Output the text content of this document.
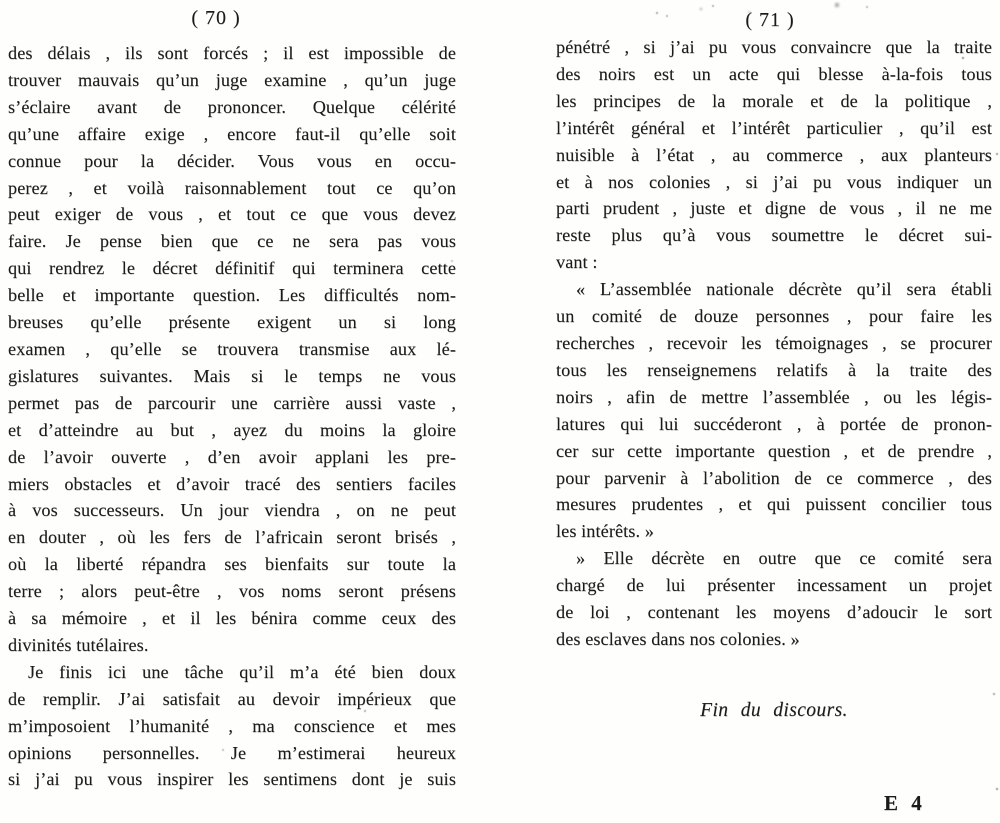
( 70 )	( 71 )
des délais , ils sont forcés ; il est impossible de
trouver mauvais qu’un juge examine , qu’un juge
s’éclaire avant de prononcer. Quelque célérité
qu’une affaire exige , encore faut-il qu’elle soit
connue pour la décider. Vous vous en occu-
perez , et voilà raisonnablement tout ce qu’on
peut exiger de vous , et tout ce que vous devez
faire. Je pense bien que ce ne sera pas vous
qui rendrez le décret définitif qui terminera cette
belle et importante question. Les difficultés nom-
breuses qu’elle présente exigent un si long
examen , qu’elle se trouvera transmise aux lé-
gislatures suivantes. Mais si le temps ne vous
permet pas de parcourir une carrière aussi vaste ,
et d’atteindre au but , ayez du moins la gloire
de l’avoir ouverte , d’en avoir applani les pre-
miers obstacles et d’avoir tracé des sentiers faciles
à vos successeurs. Un jour viendra , on ne peut
en douter , où les fers de l’africain seront brisés ,
où la liberté répandra ses bienfaits sur toute la
terre ; alors peut-être , vos noms seront présens
à sa mémoire , et il les bénira comme ceux des
divinités tutélaires.
Je finis ici une tâche qu’il m’a été bien doux
de remplir. J’ai satisfait au devoir impérieux que
m’imposoient l’humanité , ma conscience et mes
opinions personnelles. Je m’estimerai heureux
si j’ai pu vous inspirer les sentimens dont je suis
pénétré , si j’ai pu vous convaincre que la traite
des noirs est un acte qui blesse à-la-fois tous
les principes de la morale et de la politique ,
l’intérêt général et l’intérêt particulier , qu’il est
nuisible à l’état , au commerce , aux planteurs
et à nos colonies , si j’ai pu vous indiquer un
parti prudent , juste et digne de vous , il ne me
reste plus qu’à vous soumettre le décret sui-
vant :
« L’assemblée nationale décrète qu’il sera établi
un comité de douze personnes , pour faire les
recherches , recevoir les témoignages , se procurer
tous les renseignemens relatifs à la traite des
noirs , afin de mettre l’assemblée , ou les légis-
latures qui lui succéderont , à portée de pronon-
cer sur cette importante question , et de prendre ,
pour parvenir à l’abolition de ce commerce , des
mesures prudentes , et qui puissent concilier tous
les intérêts. »
» Elle décrète en outre que ce comité sera
chargé de lui présenter incessament un projet
de loi , contenant les moyens d’adoucir le sort
des esclaves dans nos colonies. »
Fin du discours.
E 4
